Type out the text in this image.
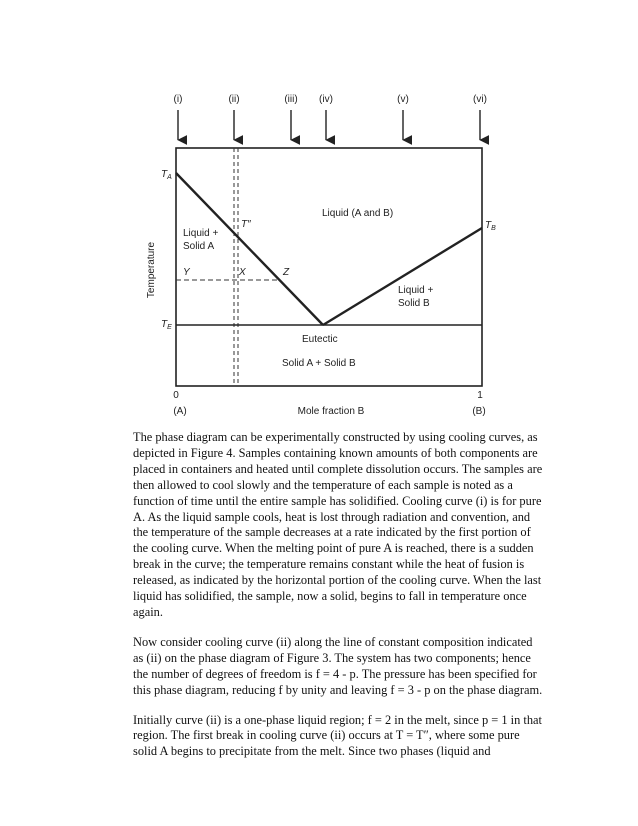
(i)	(ii)	(iii) (iv)	(v)	(vi)
$T_A$
$T_B$
$T_E$
T″
Y	X	Z
Liquid (A and B)
Liquid +
Solid A
Liquid +
Solid B
Eutectic
Solid A + Solid B
Temperature
0	1
(A)	Mole fraction B	(B)

The phase diagram can be experimentally constructed by using cooling curves, as depicted in Figure 4. Samples containing known amounts of both components are placed in containers and heated until complete dissolution occurs. The samples are then allowed to cool slowly and the temperature of each sample is noted as a function of time until the entire sample has solidified. Cooling curve (i) is for pure A. As the liquid sample cools, heat is lost through radiation and convention, and the temperature of the sample decreases at a rate indicated by the first portion of the cooling curve. When the melting point of pure A is reached, there is a sudden break in the curve; the temperature remains constant while the heat of fusion is released, as indicated by the horizontal portion of the cooling curve. When the last liquid has solidified, the sample, now a solid, begins to fall in temperature once again.

Now consider cooling curve (ii) along the line of constant composition indicated as (ii) on the phase diagram of Figure 3. The system has two components; hence the number of degrees of freedom is f = 4 - p. The pressure has been specified for this phase diagram, reducing f by unity and leaving f = 3 - p on the phase diagram.

Initially curve (ii) is a one-phase liquid region; f = 2 in the melt, since p = 1 in that region. The first break in cooling curve (ii) occurs at T = T″, where some pure solid A begins to precipitate from the melt. Since two phases (liquid and
